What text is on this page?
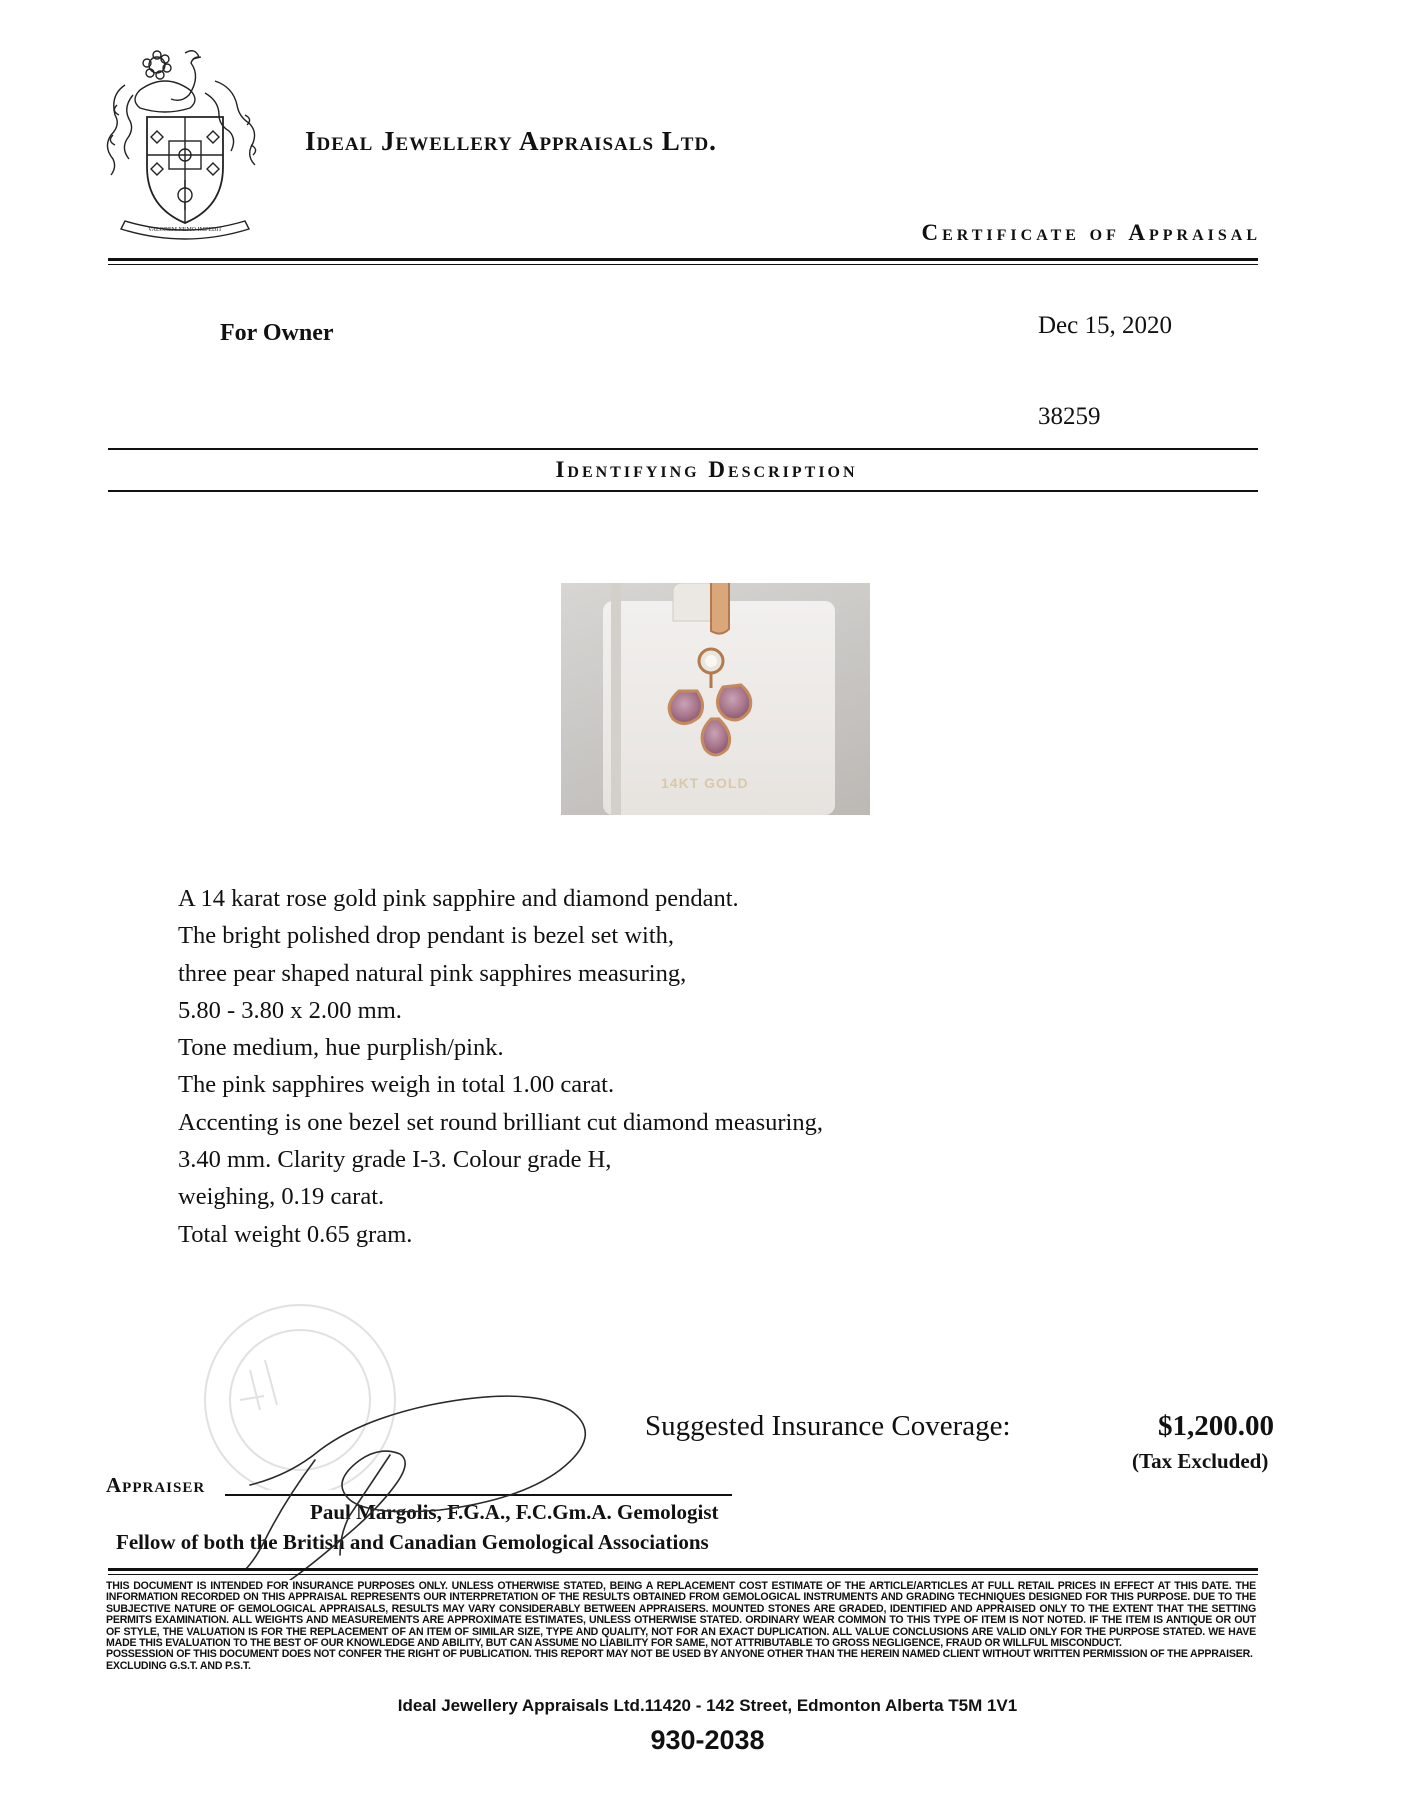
VALOREM NEMO IMPEDIT
Ideal Jewellery Appraisals Ltd.
Certificate of Appraisal
For Owner	Dec 15, 2020
38259
Identifying Description
14KT GOLD
A 14 karat rose gold pink sapphire and diamond pendant.
The bright polished drop pendant is bezel set with,
three pear shaped natural pink sapphires measuring,
5.80 - 3.80 x 2.00 mm.
Tone medium, hue purplish/pink.
The pink sapphires weigh in total 1.00 carat.
Accenting is one bezel set round brilliant cut diamond measuring,
3.40 mm. Clarity grade I-3. Colour grade H,
weighing, 0.19 carat.
Total weight 0.65 gram.
Suggested Insurance Coverage:	$1,200.00
(Tax Excluded)
Appraiser
Paul Margolis, F.G.A., F.C.Gm.A. Gemologist
Fellow of both the British and Canadian Gemological Associations

THIS DOCUMENT IS INTENDED FOR INSURANCE PURPOSES ONLY. UNLESS OTHERWISE STATED, BEING A REPLACEMENT COST ESTIMATE OF THE ARTICLE/ARTICLES AT FULL RETAIL PRICES IN EFFECT AT THIS DATE. THE INFORMATION RECORDED ON THIS APPRAISAL REPRESENTS OUR INTERPRETATION OF THE RESULTS OBTAINED FROM GEMOLOGICAL INSTRUMENTS AND GRADING TECHNIQUES DESIGNED FOR THIS PURPOSE. DUE TO THE SUBJECTIVE NATURE OF GEMOLOGICAL APPRAISALS, RESULTS MAY VARY CONSIDERABLY BETWEEN APPRAISERS. MOUNTED STONES ARE GRADED, IDENTIFIED AND APPRAISED ONLY TO THE EXTENT THAT THE SETTING PERMITS EXAMINATION. ALL WEIGHTS AND MEASUREMENTS ARE APPROXIMATE ESTIMATES, UNLESS OTHERWISE STATED. ORDINARY WEAR COMMON TO THIS TYPE OF ITEM IS NOT NOTED. IF THE ITEM IS ANTIQUE OR OUT OF STYLE, THE VALUATION IS FOR THE REPLACEMENT OF AN ITEM OF SIMILAR SIZE, TYPE AND QUALITY, NOT FOR AN EXACT DUPLICATION. ALL VALUE CONCLUSIONS ARE VALID ONLY FOR THE PURPOSE STATED. WE HAVE MADE THIS EVALUATION TO THE BEST OF OUR KNOWLEDGE AND ABILITY, BUT CAN ASSUME NO LIABILITY FOR SAME, NOT ATTRIBUTABLE TO GROSS NEGLIGENCE, FRAUD OR WILLFUL MISCONDUCT.

POSSESSION OF THIS DOCUMENT DOES NOT CONFER THE RIGHT OF PUBLICATION. THIS REPORT MAY NOT BE USED BY ANYONE OTHER THAN THE HEREIN NAMED CLIENT WITHOUT WRITTEN PERMISSION OF THE APPRAISER.

EXCLUDING G.S.T. AND P.S.T.

Ideal Jewellery Appraisals Ltd.11420 - 142 Street, Edmonton Alberta T5M 1V1
930-2038
